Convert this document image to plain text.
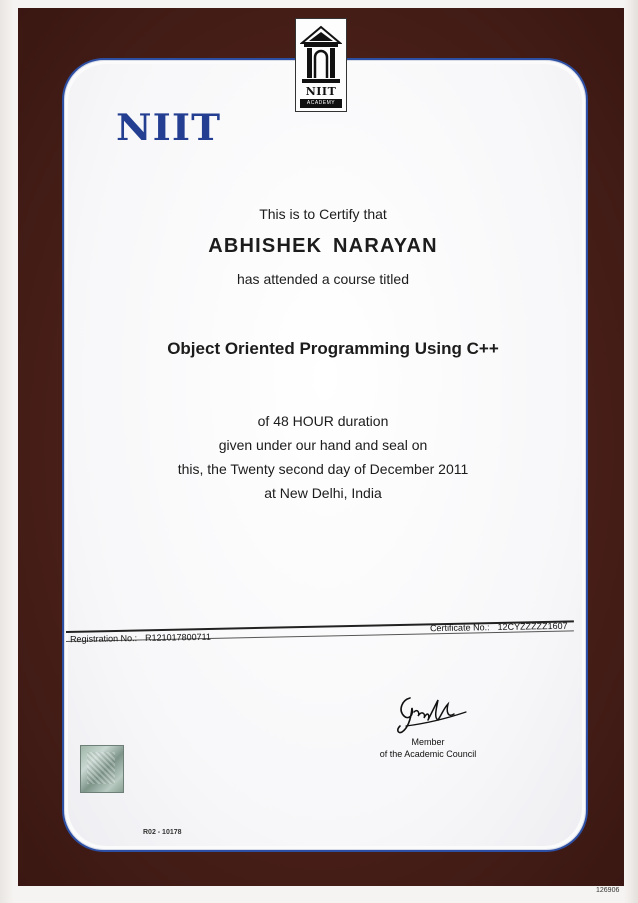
NIIT
ACADEMY
NIIT
This is to Certify that
ABHISHEK NARAYAN
has attended a course titled
Object Oriented Programming Using C++
of 48 HOUR duration
given under our hand and seal on
this, the Twenty second day of December 2011
at New Delhi, India
Registration No.: R121017800711
Certificate No.: 12CYZZZZZ1607
Member
of the Academic Council
R02 - 10178
126906
